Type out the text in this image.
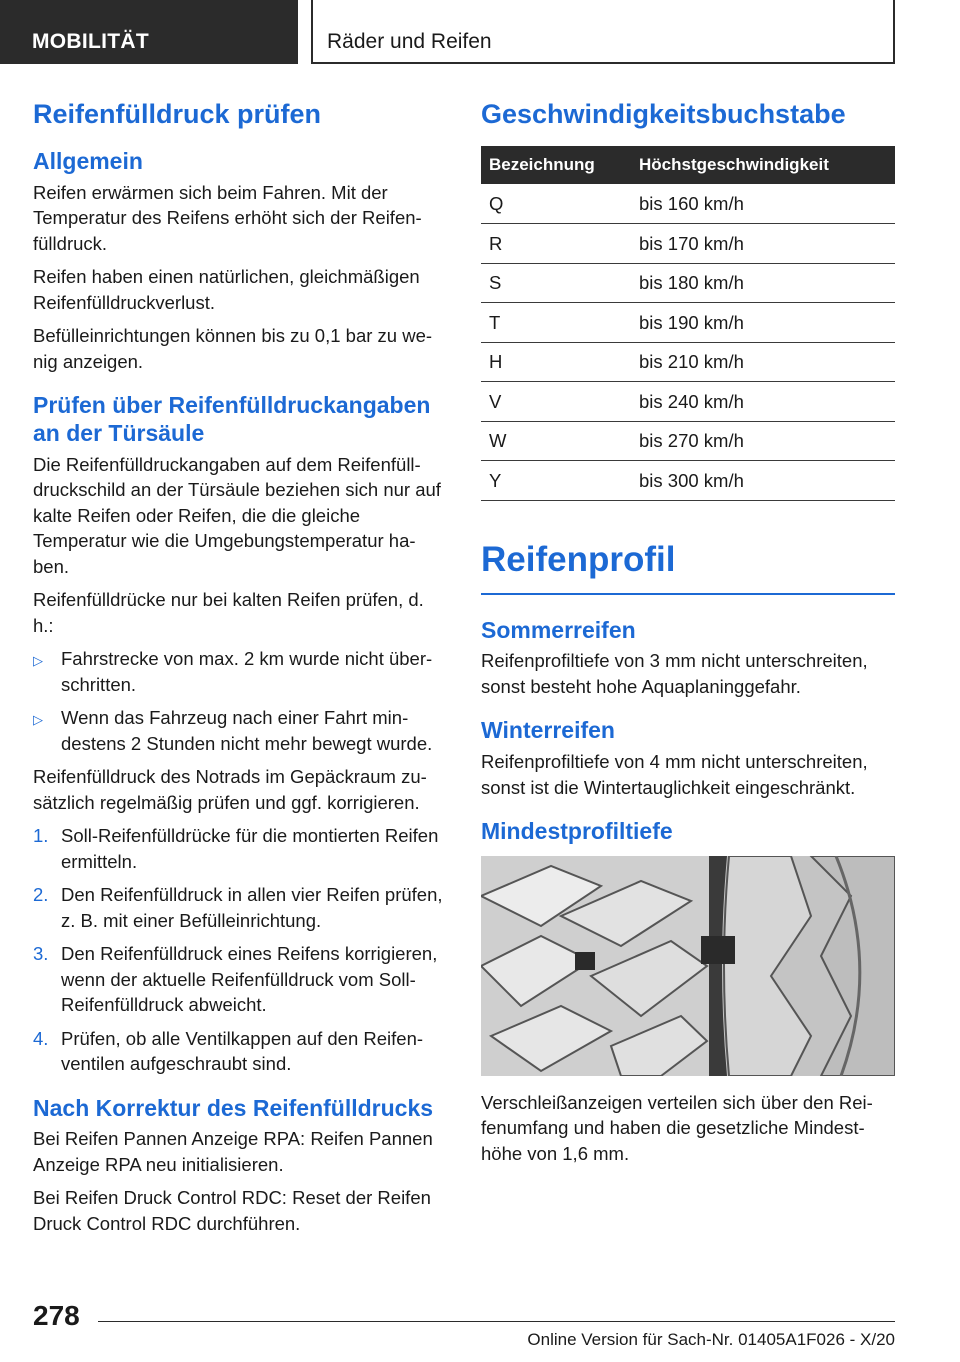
MOBILITÄT	Räder und Reifen
Reifenfülldruck prüfen
Allgemein

Reifen erwärmen sich beim Fahren. Mit der Temperatur des Reifens erhöht sich der Reifenfülldruck.

Reifen haben einen natürlichen, gleichmäßigen Reifenfülldruckverlust.

Befülleinrichtungen können bis zu 0,1 bar zu wenig anzeigen.

Prüfen über Reifenfülldruckangaben an der Türsäule

Die Reifenfülldruckangaben auf dem Reifenfülldruckschild an der Türsäule beziehen sich nur auf kalte Reifen oder Reifen, die die gleiche Temperatur wie die Umgebungstemperatur haben.

Reifenfülldrücke nur bei kalten Reifen prüfen, d. h.:

▷ Fahrstrecke von max. 2 km wurde nicht überschritten.
▷ Wenn das Fahrzeug nach einer Fahrt mindestens 2 Stunden nicht mehr bewegt wurde.

Reifenfülldruck des Notrads im Gepäckraum zusätzlich regelmäßig prüfen und ggf. korrigieren.

1. Soll-Reifenfülldrücke für die montierten Reifen ermitteln.
2. Den Reifenfülldruck in allen vier Reifen prüfen, z. B. mit einer Befülleinrichtung.
3. Den Reifenfülldruck eines Reifens korrigieren, wenn der aktuelle Reifenfülldruck vom Soll-Reifenfülldruck abweicht.
4. Prüfen, ob alle Ventilkappen auf den Reifenventilen aufgeschraubt sind.
Nach Korrektur des Reifenfülldrucks

Bei Reifen Pannen Anzeige RPA: Reifen Pannen Anzeige RPA neu initialisieren.

Bei Reifen Druck Control RDC: Reset der Reifen Druck Control RDC durchführen.

Geschwindigkeitsbuchstabe
Bezeichnung	Höchstgeschwindigkeit
Q	bis 160 km/h
R	bis 170 km/h
S	bis 180 km/h
T	bis 190 km/h
H	bis 210 km/h
V	bis 240 km/h
W	bis 270 km/h
Y	bis 300 km/h
Reifenprofil
Sommerreifen

Reifenprofiltiefe von 3 mm nicht unterschreiten, sonst besteht hohe Aquaplaninggefahr.

Winterreifen

Reifenprofiltiefe von 4 mm nicht unterschreiten, sonst ist die Wintertauglichkeit eingeschränkt.

Mindestprofiltiefe

Verschleißanzeigen verteilen sich über den Reifenumfang und haben die gesetzliche Mindesthöhe von 1,6 mm.

278
Online Version für Sach-Nr. 01405A1F026 - X/20
